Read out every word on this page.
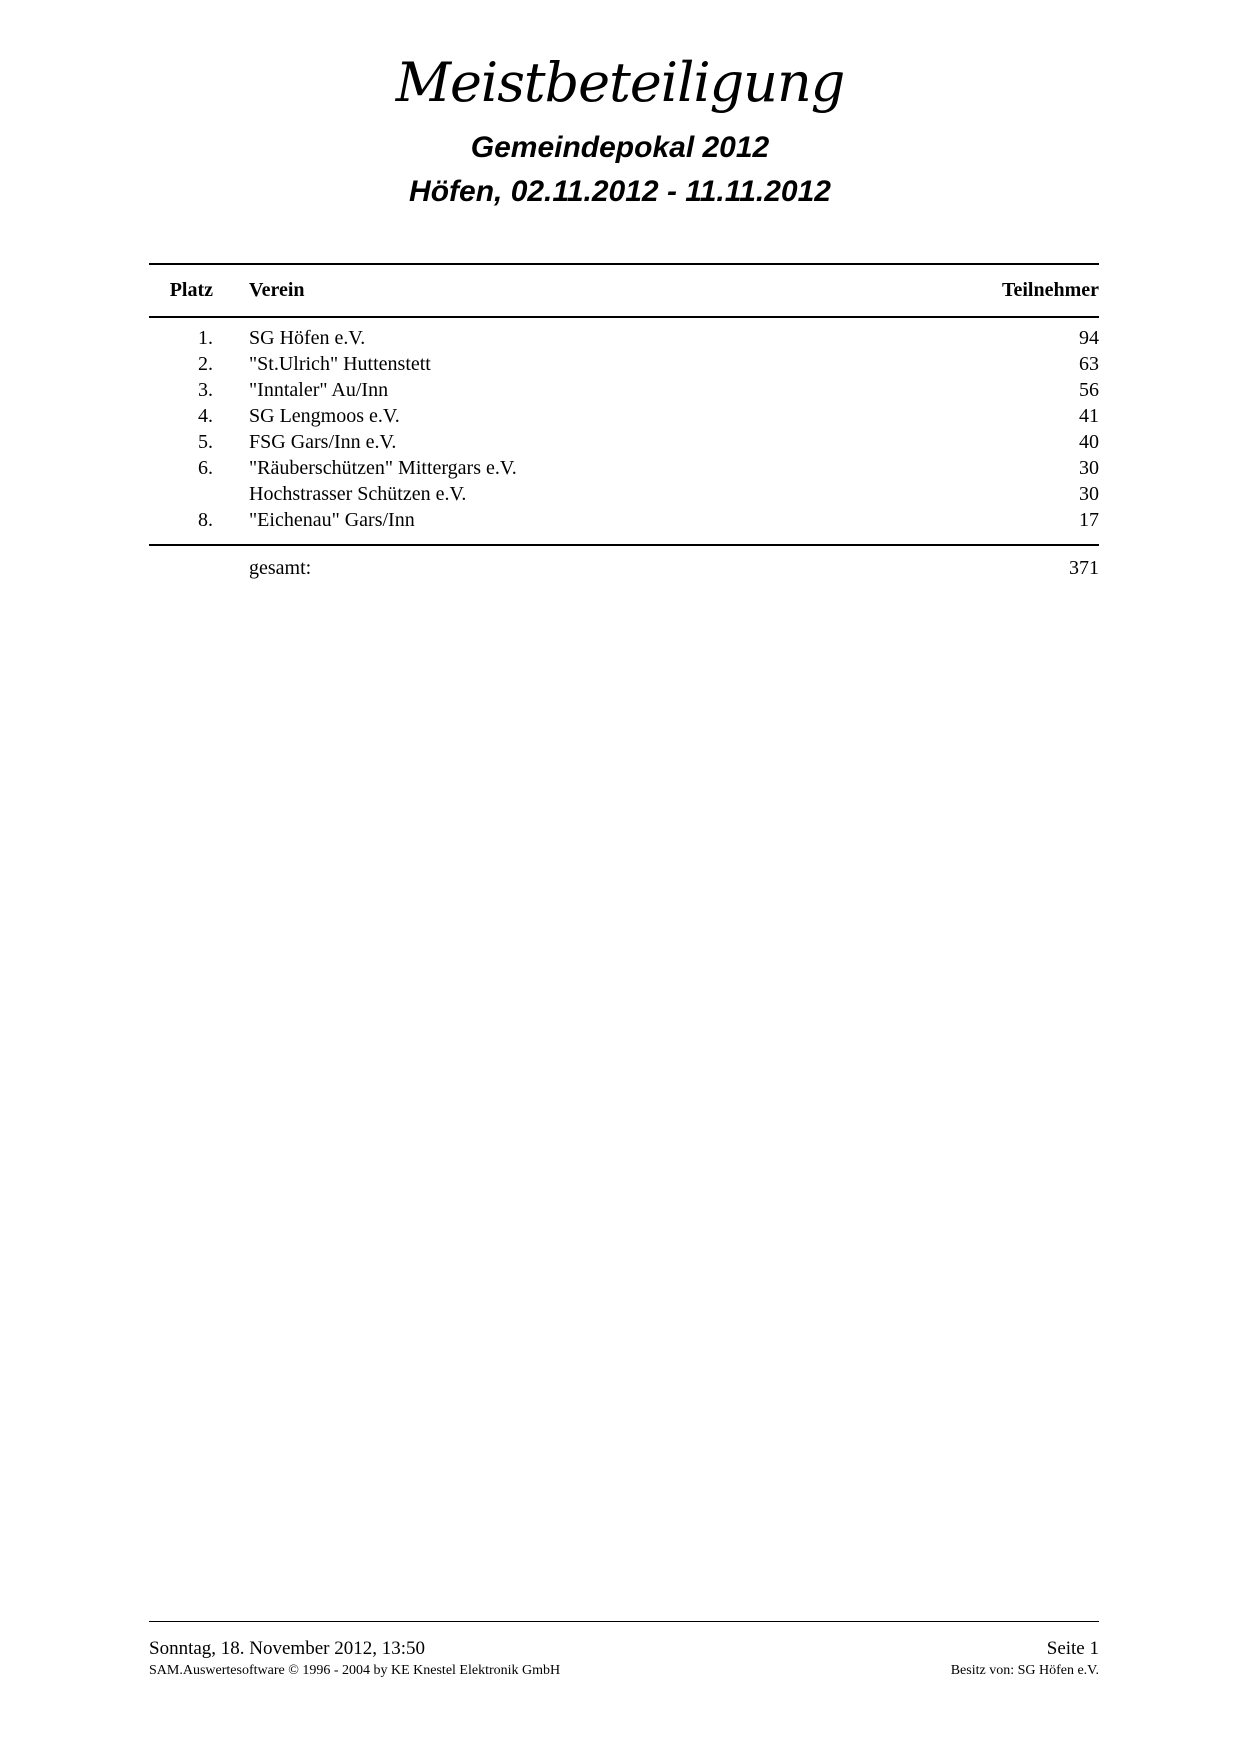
Meistbeteiligung
Gemeindepokal 2012
Höfen, 02.11.2012 - 11.11.2012
Platz Verein	Teilnehmer
1. SG Höfen e.V.	94
2. "St.Ulrich" Huttenstett	63
3. "Inntaler" Au/Inn	56
4. SG Lengmoos e.V.	41
5. FSG Gars/Inn e.V.	40
6. "Räuberschützen" Mittergars e.V.	30
Hochstrasser Schützen e.V.	30
8. "Eichenau" Gars/Inn	17
gesamt:	371
Sonntag, 18. November 2012, 13:50	Seite 1
SAM.Auswertesoftware © 1996 - 2004 by KE Knestel Elektronik GmbH	Besitz von: SG Höfen e.V.
